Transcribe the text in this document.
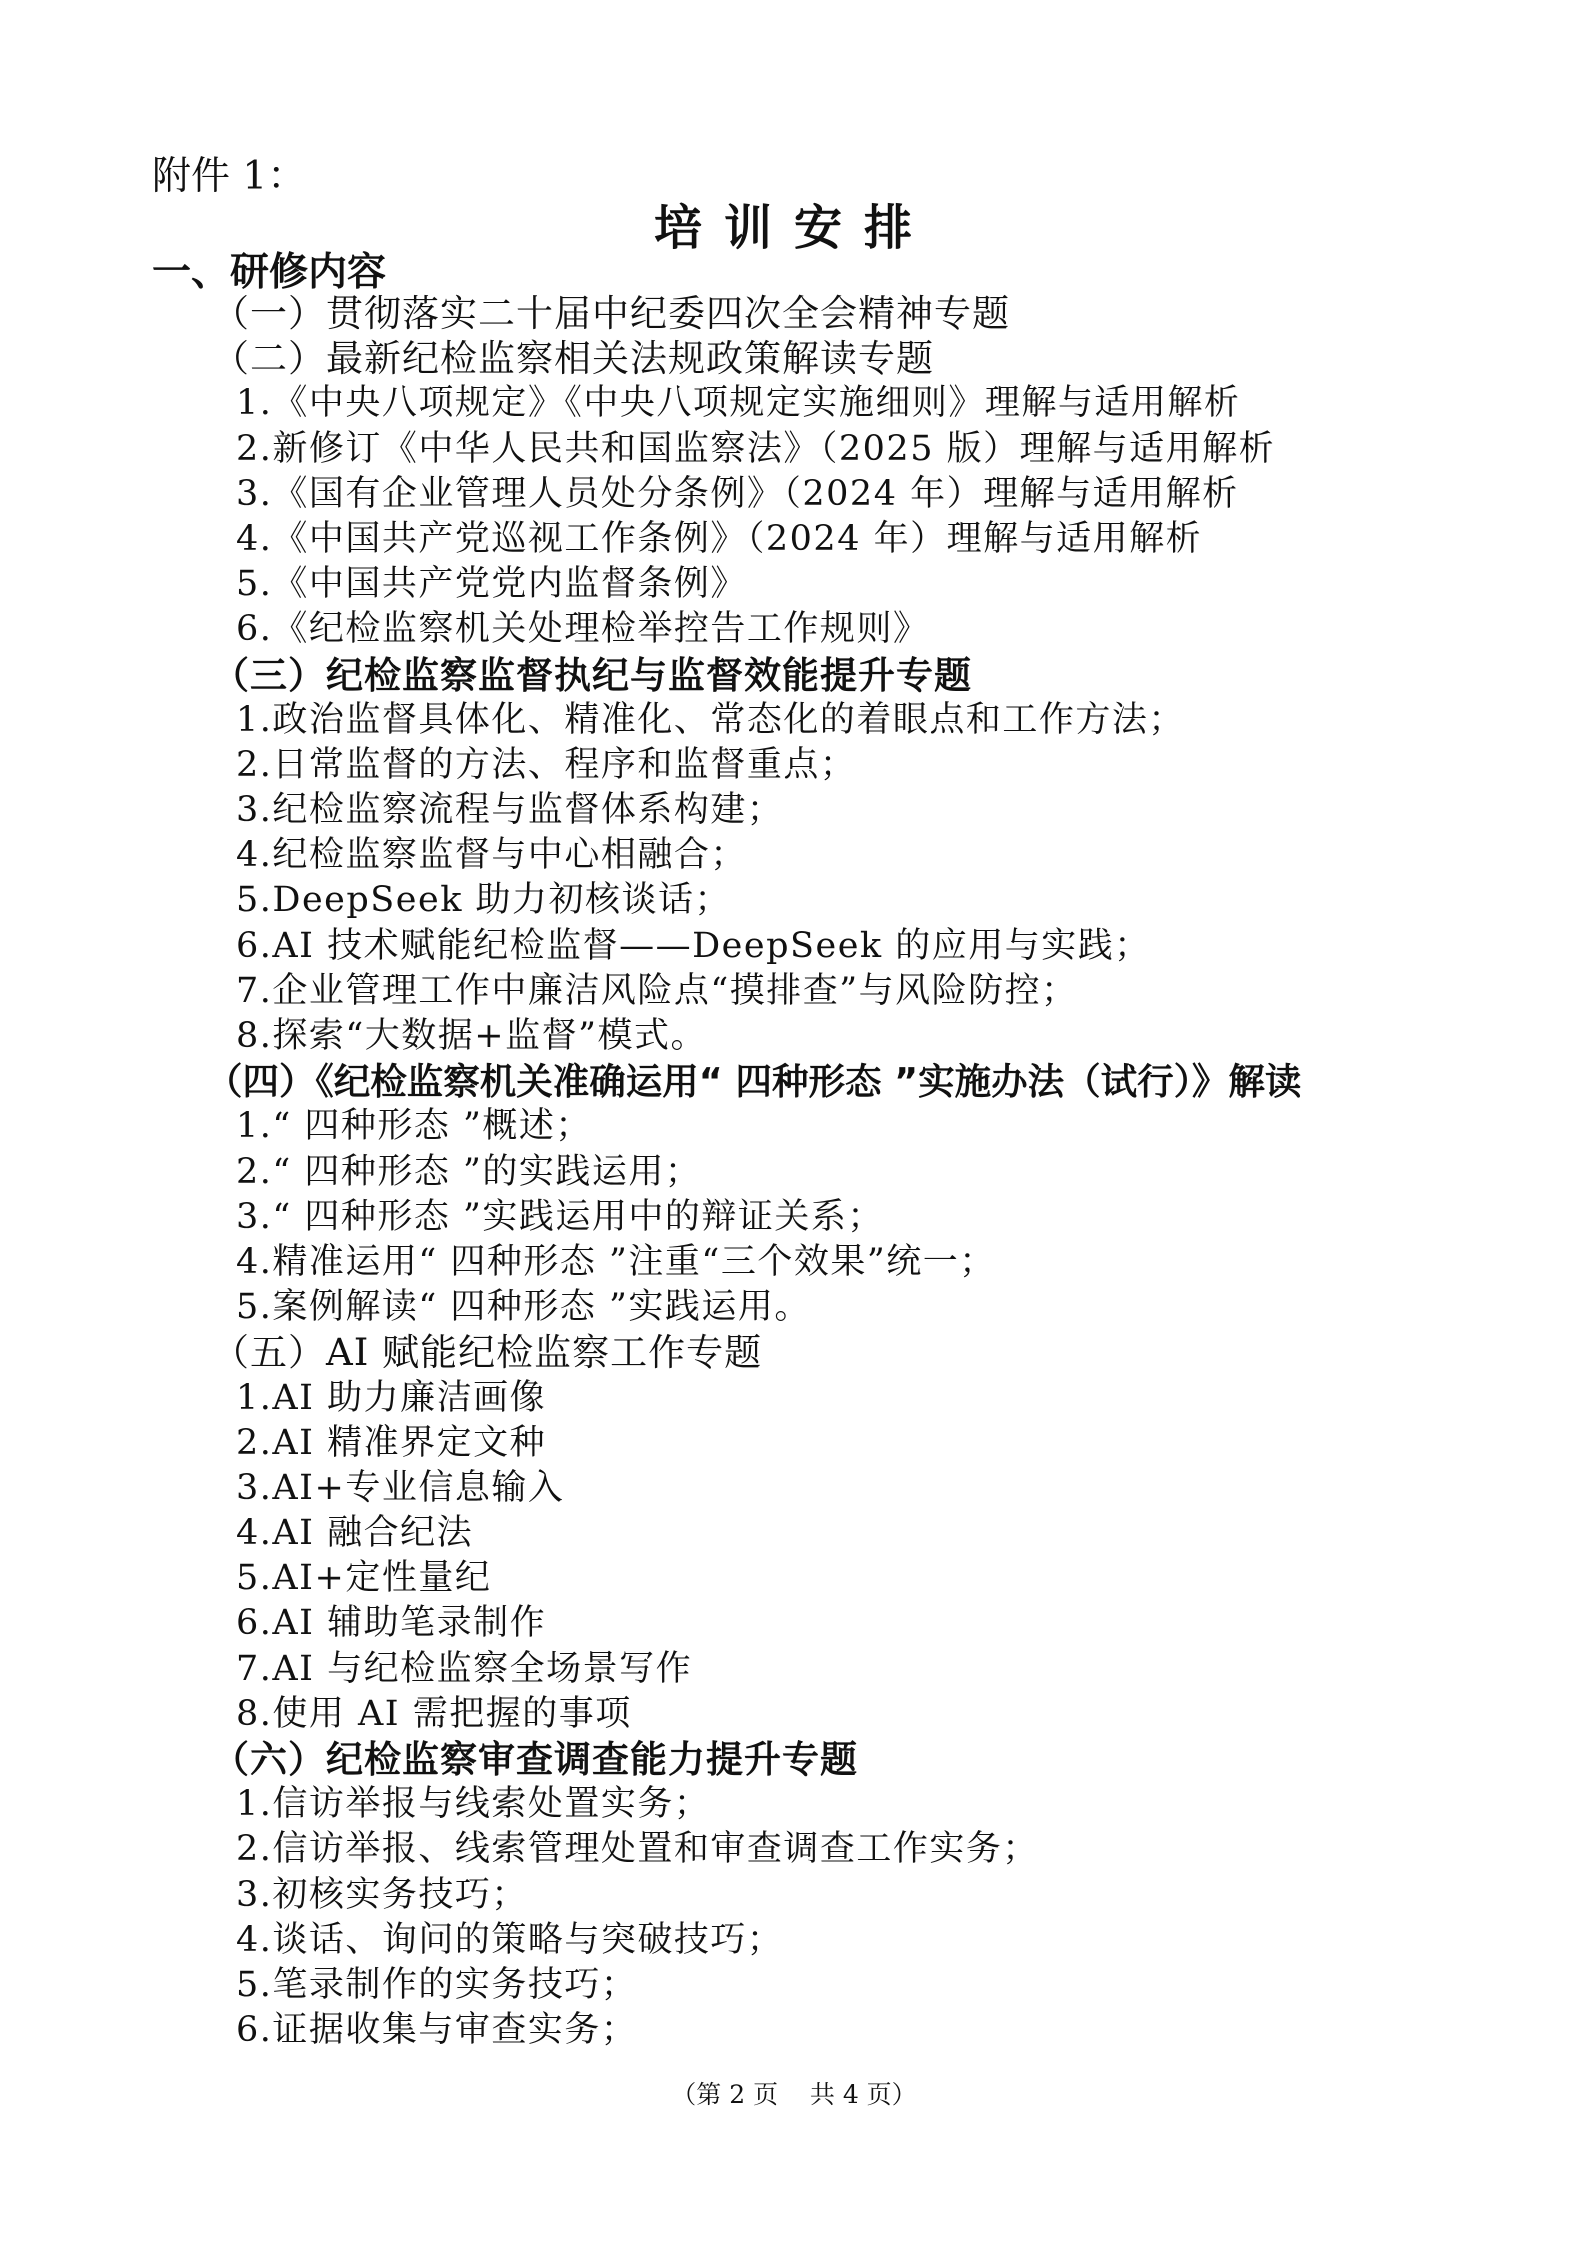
附件 1：
培训安排
一、研修内容
（一）贯彻落实二十届中纪委四次全会精神专题
（二）最新纪检监察相关法规政策解读专题
1.《中央八项规定》《中央八项规定实施细则》理解与适用解析
2.新修订《中华人民共和国监察法》（2025 版）理解与适用解析
3.《国有企业管理人员处分条例》（2024 年）理解与适用解析
4.《中国共产党巡视工作条例》（2024 年）理解与适用解析
5.《中国共产党党内监督条例》
6.《纪检监察机关处理检举控告工作规则》
（三）纪检监察监督执纪与监督效能提升专题
1.政治监督具体化、精准化、常态化的着眼点和工作方法；
2.日常监督的方法、程序和监督重点；
3.纪检监察流程与监督体系构建；
4.纪检监察监督与中心相融合；
5.DeepSeek 助力初核谈话；
6.AI 技术赋能纪检监督——DeepSeek 的应用与实践；
7.企业管理工作中廉洁风险点“摸排查”与风险防控；
8.探索“大数据+监督”模式。
（四）《纪检监察机关准确运用“ 四种形态 ”实施办法（试行）》解读
1.“ 四种形态 ”概述；
2.“ 四种形态 ”的实践运用；
3.“ 四种形态 ”实践运用中的辩证关系；
4.精准运用“ 四种形态 ”注重“三个效果”统一；
5.案例解读“ 四种形态 ”实践运用。
（五）AI 赋能纪检监察工作专题
1.AI 助力廉洁画像
2.AI 精准界定文种
3.AI+专业信息输入
4.AI 融合纪法
5.AI+定性量纪
6.AI 辅助笔录制作
7.AI 与纪检监察全场景写作
8.使用 AI 需把握的事项
（六）纪检监察审查调查能力提升专题
1.信访举报与线索处置实务；
2.信访举报、线索管理处置和审查调查工作实务；
3.初核实务技巧；
4.谈话、询问的策略与突破技巧；
5.笔录制作的实务技巧；
6.证据收集与审查实务；
（第 2 页    共 4 页）
